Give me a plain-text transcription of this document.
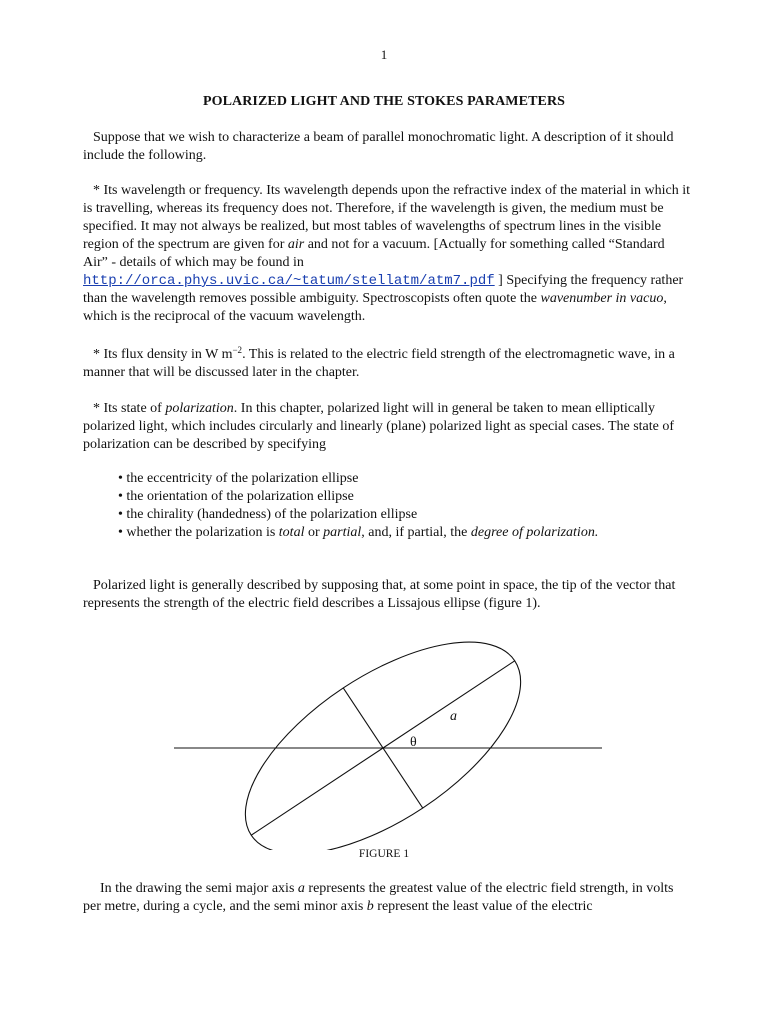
1
POLARIZED LIGHT AND THE STOKES PARAMETERS

Suppose that we wish to characterize a beam of parallel monochromatic light. A description of it should include the following.

* Its wavelength or frequency. Its wavelength depends upon the refractive index of the material in which it is travelling, whereas its frequency does not. Therefore, if the wavelength is given, the medium must be specified. It may not always be realized, but most tables of wavelengths of spectrum lines in the visible region of the spectrum are given for air and not for a vacuum. [Actually for something called “Standard Air” - details of which may be found in http://orca.phys.uvic.ca/~tatum/stellatm/atm7.pdf ] Specifying the frequency rather than the wavelength removes possible ambiguity. Spectroscopists often quote the wavenumber in vacuo, which is the reciprocal of the vacuum wavelength.

* Its flux density in W $m^{-2}$. This is related to the electric field strength of the electromagnetic wave, in a manner that will be discussed later in the chapter.

* Its state of polarization. In this chapter, polarized light will in general be taken to mean elliptically polarized light, which includes circularly and linearly (plane) polarized light as special cases. The state of polarization can be described by specifying

• the eccentricity of the polarization ellipse
• the orientation of the polarization ellipse
• the chirality (handedness) of the polarization ellipse
• whether the polarization is total or partial, and, if partial, the degree of polarization.

Polarized light is generally described by supposing that, at some point in space, the tip of the vector that represents the strength of the electric field describes a Lissajous ellipse (figure 1).

a
θ
FIGURE 1

In the drawing the semi major axis a represents the greatest value of the electric field strength, in volts per metre, during a cycle, and the semi minor axis b represent the least value of the electric
